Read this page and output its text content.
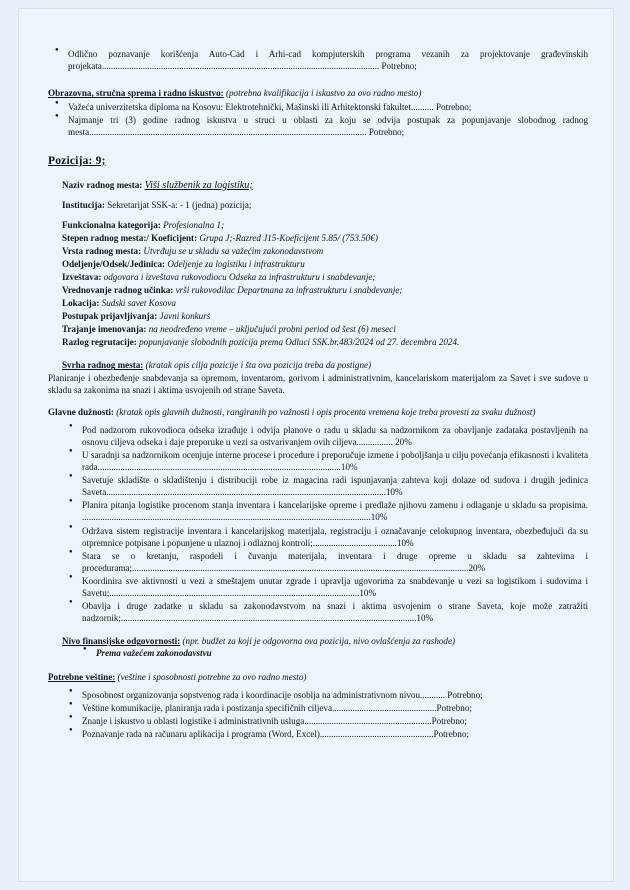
● Odlično poznavanje korišćenja Auto-Cad i Arhi-cad kompjuterskih programa vezanih za projektovanje građevinskih projekata.......................................................................................................................... Potrebno;
Obrazovna, stručna sprema i radno iskustvo: (potrebna kvalifikacija i iskustvo za ovo radno mesto)
● Važeća univerzitetska diploma na Kosovu: Elektrotehnički, Mašinski ili Arhitektonski fakultet.......... Potrebno;
● Najmanje tri (3) godine radnog iskustva u struci u oblasti za koju se odvija postupak za popunjavanje slobodnog radnog mesta.......................................................................................................................... Potrebno;
Pozicija: 9;
Naziv radnog mesta: Viši službenik za logistiku;
Institucija: Sekretarijat SSK-a: - 1 (jedna) pozicija;
Funkcionalna kategorija: Profesionalna 1;
Stepen radnog mesta:/ Koeficijent: Grupa J;-Razred J15-Koeficijent 5.85/ (753.50€)
Vrsta radnog mesta: Utvrđuju se u skladu sa važećim zakonodavstvom
Odeljenje/Odsek/Jedinica: Odeljenje za logistiku i infrastrukturu
Izveštava: odgovara i izveštava rukovodiocu Odseka za infrastrukturu i snabdevanje;
Vrednovanje radnog učinka: vrši rukovodilac Departmana za infrastrukturu i snabdevanje;
Lokacija: Sudski savet Kosova
Postupak prijavljivanja: Javni konkurs
Trajanje imenovanja: na neodređeno vreme – uključujući probni period od šest (6) meseci
Razlog regrutacije: popunjavanje slobodnih pozicija prema Odluci SSK.br.483/2024 od 27. decembra 2024.
Svrha radnog mesta: (kratak opis cilja pozicije i šta ova pozicija treba da postigne)
Planiranje i obezbeđenje snabdevanja sa opremom, inventarom, gorivom i administrativnim, kancelariskom materijalom za Savet i sve sudove u skladu sa zakonima na snazi i aktima usvojenih od strane Saveta.
Glavne dužnosti: (kratak opis glavnih dužnosti, rangiranih po važnosti i opis procenta vremena koje treba provesti za svaku dužnost)
● Pod nadzorom rukovodioca odseka izrađuje i odvija planove o radu u skladu sa nadzornikom za obavljanje zadataka postavljenih na osnovu ciljeva odseka i daje preporuke u vezi sa ostvarivanjem ovih ciljeva................ 20%
● U saradnji sa nadzornikom ocenjuje interne procese i procedure i preporučuje izmene i poboljšanja u cilju povećanja efikasnosti i kvaliteta rada...........................................................................................................10%
● Savetuje skladište o skladištenju i distribuciji robe iz magacina radi ispunjavanja zahteva koji dolaze od sudova i drugih jedinica Saveta...........................................................................................................................10%
● Planira pitanja logistike procenom stanja inventara i kancelarijske opreme i predlaže njihovu zamenu i odlaganje u skladu sa propisima. ...............................................................................................................................10%
● Održava sistem registracije inventara i kancelarijskog materijala, registraciju i označavanje celokupnog inventara, obezbeđujući da su otpremnice potpisane i popunjene u ulaznoj i odlaznoj kontroli;.....................................10%
● Stara se o kretanju, raspodeli i čuvanju materijala, inventara i druge opreme u skladu sa zahtevima i procedurama;....................................................................................................................................................20%
● Koordinira sve aktivnosti u vezi a smeštajem unutar zgrade i upravlja ugovorima za snabdevanje u vezi sa logistikom i sudovima i Savetu;..............................................................................................................10%
● Obavlja i druge zadatke u skladu sa zakonodavstvom na snazi i aktima usvojenim o strane Saveta, koje može zatražiti nadzornik;..................................................................................................................................10%
Nivo finansijske odgovornosti: (npr. budžet za koji je odgovorna ova pozicija, nivo ovlašćenja za rashode)
● Prema važećem zakonodavstvu
Potrebne veštine: (veštine i sposobnosti potrebne za ovo radno mesto)
● Sposobnost organizovanja sopstvenog rada i koordinacije osoblja na administrativnom nivou........... Potrebno;
● Veštine komunikacije, planiranja rada i postizanja specifičnih ciljeva..............................................Potrebno;
● Znanje i iskustvo u oblasti logistike i administrativnih usluga........................................................Potrebno;
● Poznavanje rada na računaru aplikacija i programa (Word, Excel)..................................................Potrebno;
